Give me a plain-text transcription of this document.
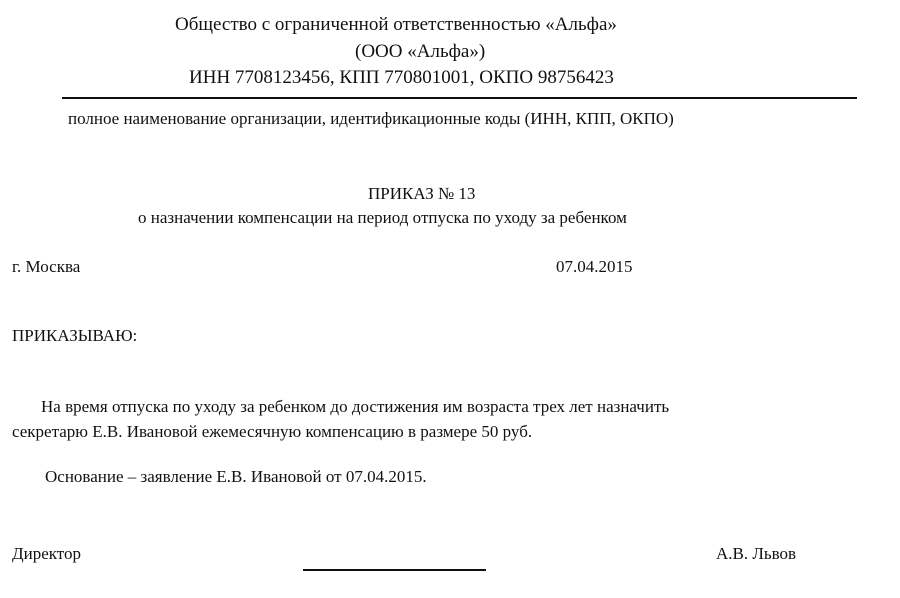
Общество с ограниченной ответственностью «Альфа»
(ООО «Альфа»)
ИНН 7708123456, КПП 770801001, ОКПО 98756423
полное наименование организации, идентификационные коды (ИНН, КПП, ОКПО)
ПРИКАЗ № 13
о назначении компенсации на период отпуска по уходу за ребенком
г. Москва	07.04.2015
ПРИКАЗЫВАЮ:
На время отпуска по уходу за ребенком до достижения им возраста трех лет назначить
секретарю Е.В. Ивановой ежемесячную компенсацию в размере 50 руб.
Основание – заявление Е.В. Ивановой от 07.04.2015.
Директор	А.В. Львов
